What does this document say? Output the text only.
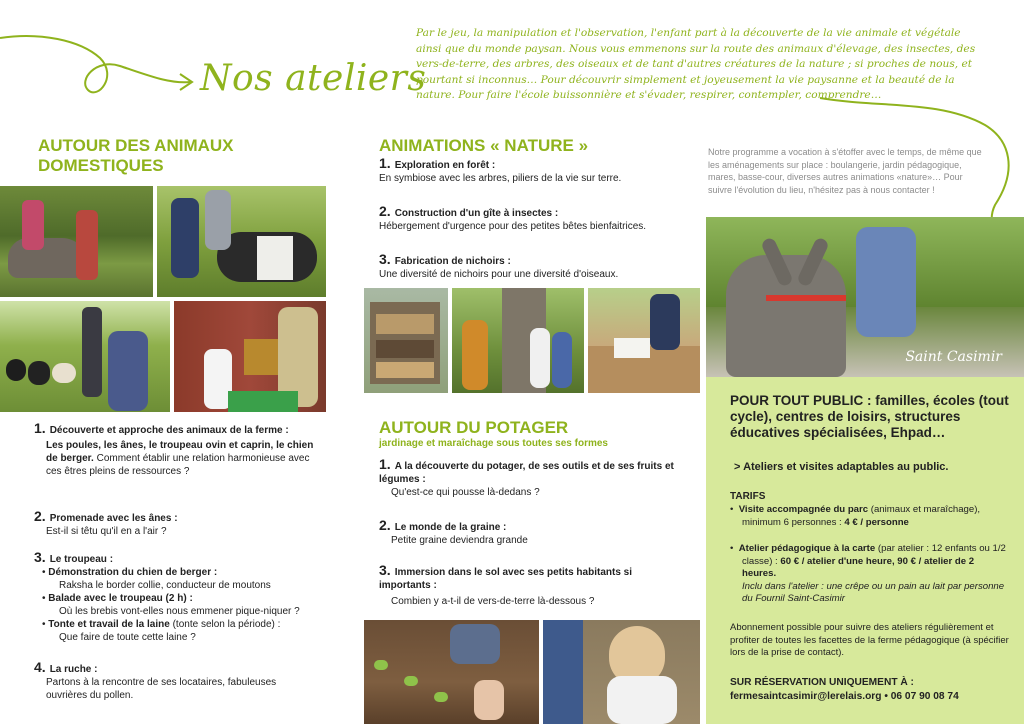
Nos ateliers
Par le jeu, la manipulation et l'observation, l'enfant part à la découverte de la vie animale et végétale ainsi que du monde paysan. Nous vous emmenons sur la route des animaux d'élevage, des insectes, des vers-de-terre, des arbres, des oiseaux et de tant d'autres créatures de la nature ; si proches de nous, et pourtant si inconnus… Pour découvrir simplement et joyeusement la vie paysanne et la beauté de la nature. Pour faire l'école buissonnière et s'évader, respirer, contempler, comprendre…
AUTOUR DES ANIMAUX
DOMESTIQUES
1. Découverte et approche des animaux de la ferme :
Les poules, les ânes, le troupeau ovin et caprin, le chien de berger. Comment établir une relation harmonieuse avec ces êtres pleins de ressources ?
2. Promenade avec les ânes :
Est-il si têtu qu'il en a l'air ?
3. Le troupeau :
• Démonstration du chien de berger :
Raksha le border collie, conducteur de moutons
• Balade avec le troupeau (2 h) :
Où les brebis vont-elles nous emmener pique-niquer ?
• Tonte et travail de la laine (tonte selon la période) :
Que faire de toute cette laine ?
4. La ruche :
Partons à la rencontre de ses locataires, fabuleuses ouvrières du pollen.
ANIMATIONS « NATURE »
1. Exploration en forêt :
En symbiose avec les arbres, piliers de la vie sur terre.
2. Construction d'un gîte à insectes :
Hébergement d'urgence pour des petites bêtes bienfaitrices.
3. Fabrication de nichoirs :
Une diversité de nichoirs pour une diversité d'oiseaux.
AUTOUR DU POTAGER
jardinage et maraîchage sous toutes ses formes
1. A la découverte du potager, de ses outils et de ses fruits et légumes :
Qu'est-ce qui pousse là-dedans ?
2. Le monde de la graine :
Petite graine deviendra grande
3. Immersion dans le sol avec ses petits habitants si importants :
Combien y a-t-il de vers-de-terre là-dessous ?
Notre programme a vocation à s'étoffer avec le temps, de même que les aménagements sur place : boulangerie, jardin pédagogique, mares, basse-cour, diverses autres animations «nature»… Pour suivre l'évolution du lieu, n'hésitez pas à nous contacter !
Saint Casimir
POUR TOUT PUBLIC : familles, écoles (tout cycle), centres de loisirs, structures éducatives spécialisées, Ehpad…
> Ateliers et visites adaptables au public.
TARIFS
•  Visite accompagnée du parc (animaux et maraîchage), minimum 6 personnes : 4 € / personne
•  Atelier pédagogique à la carte (par atelier : 12 enfants ou 1/2 classe) : 60 € / atelier d'une heure, 90 € / atelier de 2 heures.
Inclu dans l'atelier : une crêpe ou un pain au lait par personne du Fournil Saint-Casimir
Abonnement possible pour suivre des ateliers régulièrement et profiter de toutes les facettes de la ferme pédagogique (à spécifier lors de la prise de contact).
SUR RÉSERVATION UNIQUEMENT À :
fermesaintcasimir@lerelais.org • 06 07 90 08 74
